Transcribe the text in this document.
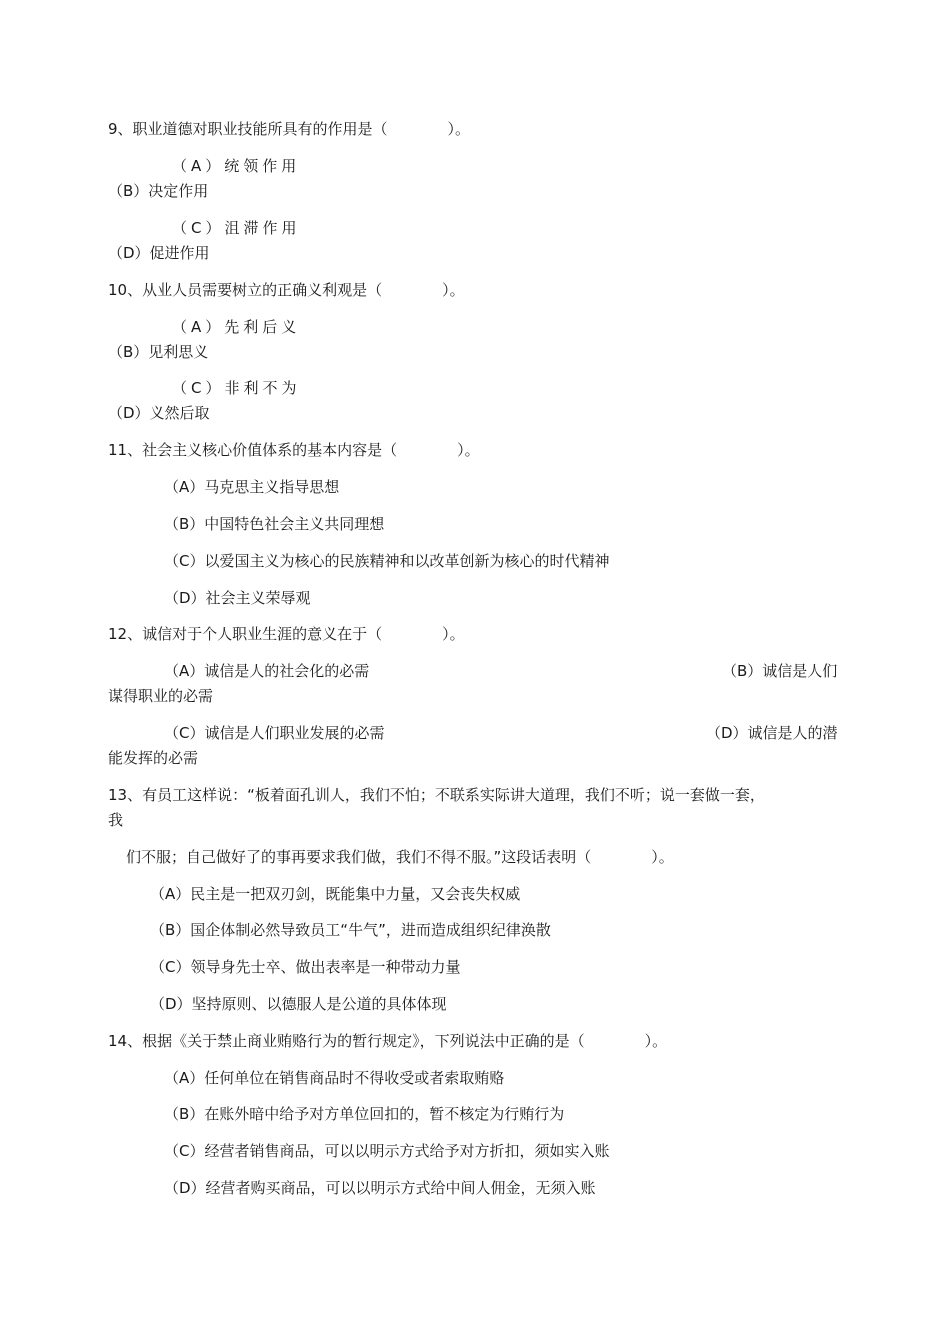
9、职业道德对职业技能所具有的作用是（　　　　）。
（A）统领作用
（B）决定作用
（C）沮滞作用
（D）促进作用
10、从业人员需要树立的正确义利观是（　　　　）。
（A）先利后义
（B）见利思义
（C）非利不为
（D）义然后取
11、社会主义核心价值体系的基本内容是（　　　　）。
（A）马克思主义指导思想
（B）中国特色社会主义共同理想
（C）以爱国主义为核心的民族精神和以改革创新为核心的时代精神
（D）社会主义荣辱观
12、诚信对于个人职业生涯的意义在于（　　　　）。
（A）诚信是人的社会化的必需	（B）诚信是人们
谋得职业的必需
（C）诚信是人们职业发展的必需	（D）诚信是人的潜
能发挥的必需
13、有员工这样说：“板着面孔训人，我们不怕；不联系实际讲大道理，我们不听；说一套做一套，
我
们不服；自己做好了的事再要求我们做，我们不得不服。”这段话表明（　　　　）。
（A）民主是一把双刃剑，既能集中力量，又会丧失权威
（B）国企体制必然导致员工“牛气”，进而造成组织纪律涣散
（C）领导身先士卒、做出表率是一种带动力量
（D）坚持原则、以德服人是公道的具体体现
14、根据《关于禁止商业贿赂行为的暂行规定》，下列说法中正确的是（　　　　）。
（A）任何单位在销售商品时不得收受或者索取贿赂
（B）在账外暗中给予对方单位回扣的，暂不核定为行贿行为
（C）经营者销售商品，可以以明示方式给予对方折扣，须如实入账
（D）经营者购买商品，可以以明示方式给中间人佣金，无须入账
